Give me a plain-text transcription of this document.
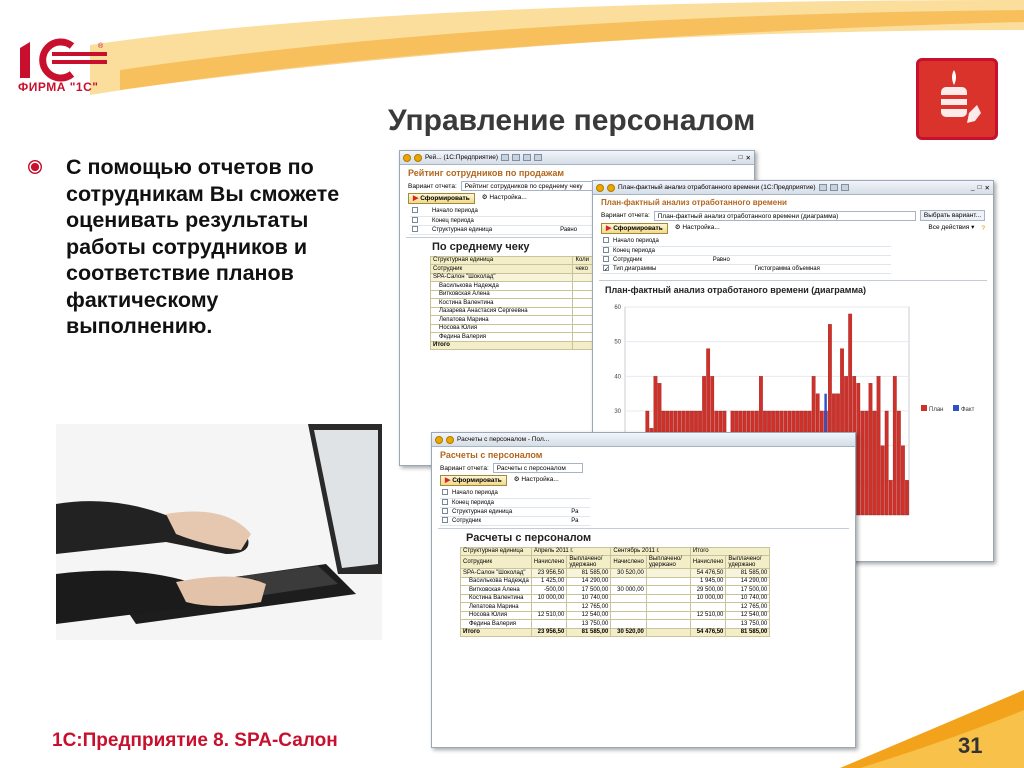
®
ФИРМА "1С"
Управление персоналом
С помощью отчетов по сотрудникам Вы сможете оценивать результаты работы сотрудников и соответствие планов фактическому выполнению.
Рей... (1С:Предприятие)	_ □ ✕
Рейтинг сотрудников по продажам
Вариант отчета:	Рейтинг сотрудников по среднему чеку
▶ Сформировать	⚙ Настройка...
	Начало периода	
	Конец периода	
	Структурная единица	Равно
По среднему чеку
Структурная единица	Коли
Сотрудник	чеко
SPA-Салон "Шоколад"	
Васильковa Надежда	
Витковская Алена	
Костина Валентина	
Лазарева Анастасия Сергеевна	
Лепатова Марина	
Носова Юлия	
Федина Валерия	
Итого	
План-фактный анализ отработанного времени (1С:Предприятие)	_ □ ✕
План-фактный анализ отработанного времени
Вариант отчета:	План-фактный анализ отработанного времени (диаграмма)	Выбрать вариант...
▶ Сформировать	⚙ Настройка...	Все действия ▾	?
	Начало периода		
	Конец периода		
	Сотрудник	Равно	
✓	Тип диаграммы		Гистограмма объемная
План-фактный анализ отработаного времени (диаграмма)
30
40
50
60
План	Факт
Расчеты с персоналом - Пол...
Расчеты с персоналом
Вариант отчета:	Расчеты с персоналом
▶ Сформировать	⚙ Настройка...
	Начало периода	
	Конец периода	
	Структурная единица	Ра
	Сотрудник	Ра
Расчеты с персоналом
Структурная единица	Апрель 2011 г.		Сентябрь 2011 г.		Итого	
Сотрудник	Начислено	Выплачено/ удержано	Начислено	Выплачено/ удержано	Начислено	Выплачено/ удержано
SPA-Салон "Шоколад"	23 956,50	81 585,00	30 520,00		54 476,50	81 585,00
Васильковa Надежда	1 425,00	14 290,00			1 945,00	14 290,00
Витковская Алена	-500,00	17 500,00	30 000,00		29 500,00	17 500,00
Костина Валентина	10 000,00	10 740,00			10 000,00	10 740,00
Лепатова Марина		12 765,00				12 765,00
Носова Юлия	12 510,00	12 540,00			12 510,00	12 540,00
Федина Валерия		13 750,00				13 750,00
Итого	23 956,50	81 585,00	30 520,00		54 476,50	81 585,00
1С:Предприятие 8. SPA-Салон	31
